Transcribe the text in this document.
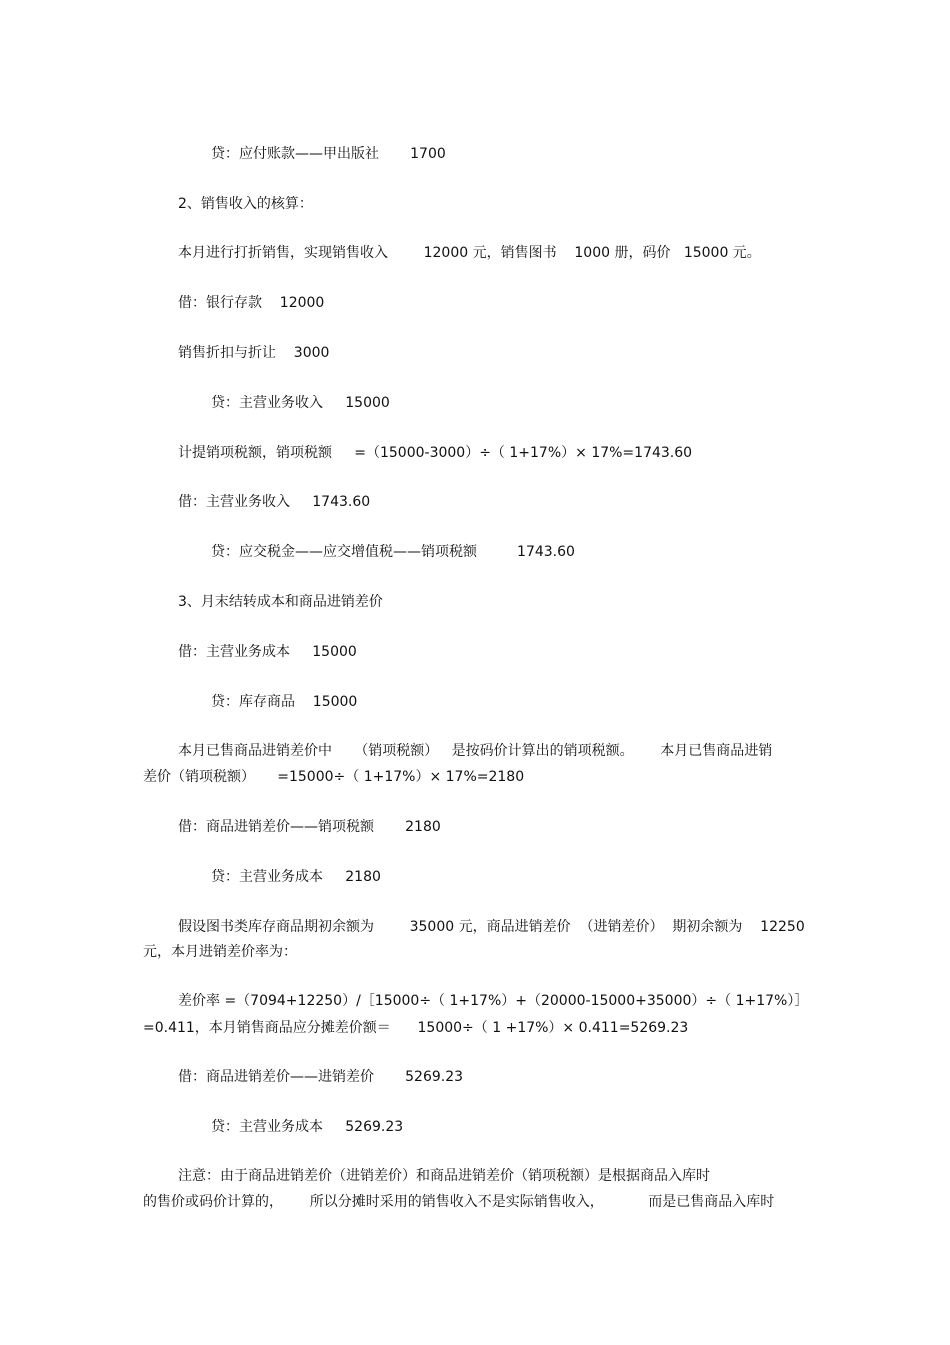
贷：应付账款——甲出版社       1700
2、销售收入的核算：
本月进行打折销售，实现销售收入        12000 元，销售图书    1000 册，码价   15000 元。
借：银行存款    12000
销售折扣与折让    3000
贷：主营业务收入     15000
计提销项税额，销项税额     =（15000-3000）÷（ 1+17%）× 17%=1743.60
借：主营业务收入     1743.60
贷：应交税金——应交增值税——销项税额         1743.60
3、月末结转成本和商品进销差价
借：主营业务成本     15000
贷：库存商品    15000
本月已售商品进销差价中     （销项税额）   是按码价计算出的销项税额。      本月已售商品进销
差价（销项税额）     =15000÷（ 1+17%）× 17%=2180
借：商品进销差价——销项税额       2180
贷：主营业务成本     2180
假设图书类库存商品期初余额为        35000 元，商品进销差价  （进销差价）  期初余额为    12250
元，本月进销差价率为：
差价率 =（7094+12250）/［15000÷（ 1+17%）+（20000-15000+35000）÷（ 1+17%）］
=0.411，本月销售商品应分摊差价额＝      15000÷（ 1 +17%）× 0.411=5269.23
借：商品进销差价——进销差价       5269.23
贷：主营业务成本     5269.23
注意：由于商品进销差价（进销差价）和商品进销差价（销项税额）是根据商品入库时
的售价或码价计算的，      所以分摊时采用的销售收入不是实际销售收入，          而是已售商品入库时
